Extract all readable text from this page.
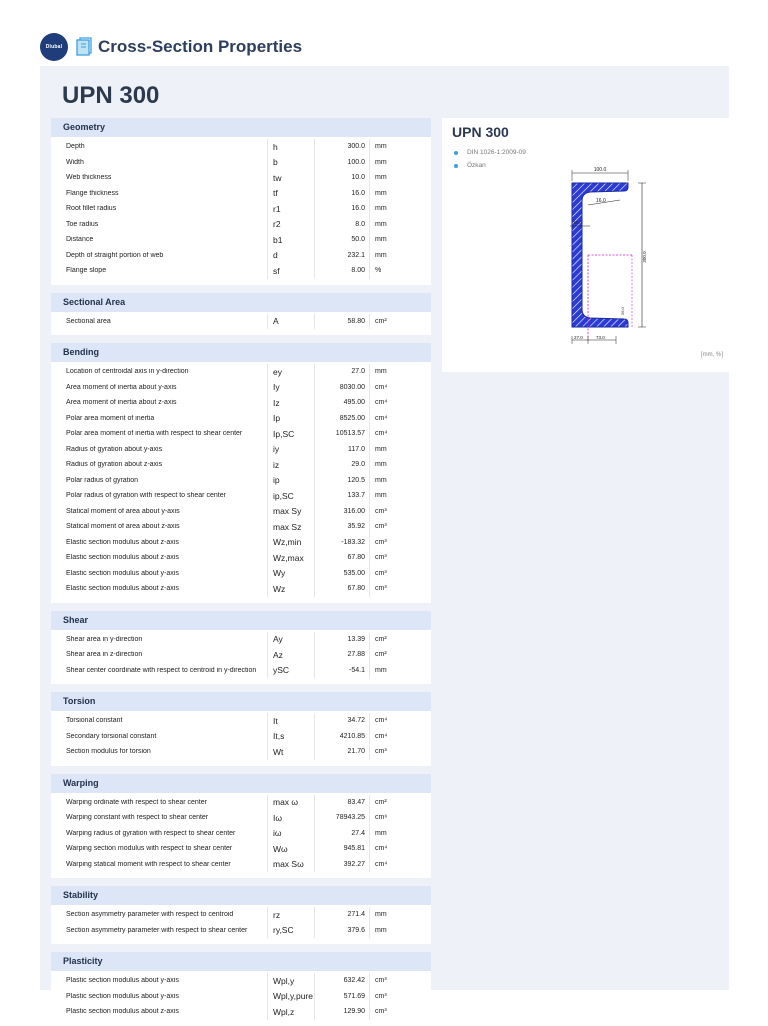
Dlubal Cross-Section Properties
UPN 300
Geometry
Depth	h	300.0	mm
Width	b	100.0	mm
Web thickness	tw	10.0	mm
Flange thickness	tf	16.0	mm
Root fillet radius	r1	16.0	mm
Toe radius	r2	8.0	mm
Distance	b1	50.0	mm
Depth of straight portion of web	d	232.1	mm
Flange slope	sf	8.00	%
Sectional Area
Sectional area	A	58.80	cm²
Bending
Location of centroidal axis in y-direction	ey	27.0	mm
Area moment of inertia about y-axis	Iy	8030.00	cm⁴
Area moment of inertia about z-axis	Iz	495.00	cm⁴
Polar area moment of inertia	Ip	8525.00	cm⁴
Polar area moment of inertia with respect to shear center	Ip,SC	10513.57	cm⁴
Radius of gyration about y-axis	iy	117.0	mm
Radius of gyration about z-axis	iz	29.0	mm
Polar radius of gyration	ip	120.5	mm
Polar radius of gyration with respect to shear center	ip,SC	133.7	mm
Statical moment of area about y-axis	max Sy	316.00	cm³
Statical moment of area about z-axis	max Sz	35.92	cm³
Elastic section modulus about z-axis	Wz,min	-183.32	cm³
Elastic section modulus about z-axis	Wz,max	67.80	cm³
Elastic section modulus about y-axis	Wy	535.00	cm³
Elastic section modulus about z-axis	Wz	67.80	cm³
Shear
Shear area in y-direction	Ay	13.39	cm²
Shear area in z-direction	Az	27.88	cm²
Shear center coordinate with respect to centroid in y-direction	ySC	-54.1	mm
Torsion
Torsional constant	It	34.72	cm⁴
Secondary torsional constant	It,s	4210.85	cm⁴
Section modulus for torsion	Wt	21.70	cm³
Warping
Warping ordinate with respect to shear center	max ω	83.47	cm²
Warping constant with respect to shear center	Iω	78943.25	cm⁶
Warping radius of gyration with respect to shear center	iω	27.4	mm
Warping section modulus with respect to shear center	Wω	945.81	cm⁴
Warping statical moment with respect to shear center	max Sω	392.27	cm⁴
Stability
Section asymmetry parameter with respect to centroid	rz	271.4	mm
Section asymmetry parameter with respect to shear center	ry,SC	379.6	mm
Plasticity
Plastic section modulus about y-axis	Wpl,y	632.42	cm³
Plastic section modulus about y-axis	Wpl,y,pure	571.69	cm³
Plastic section modulus about z-axis	Wpl,z	129.90	cm³
UPN 300
DIN 1026-1:2009-09
Özkan
100.0
16.0
10.0
300.0
26.0
27.0	73.0
[mm, %]
